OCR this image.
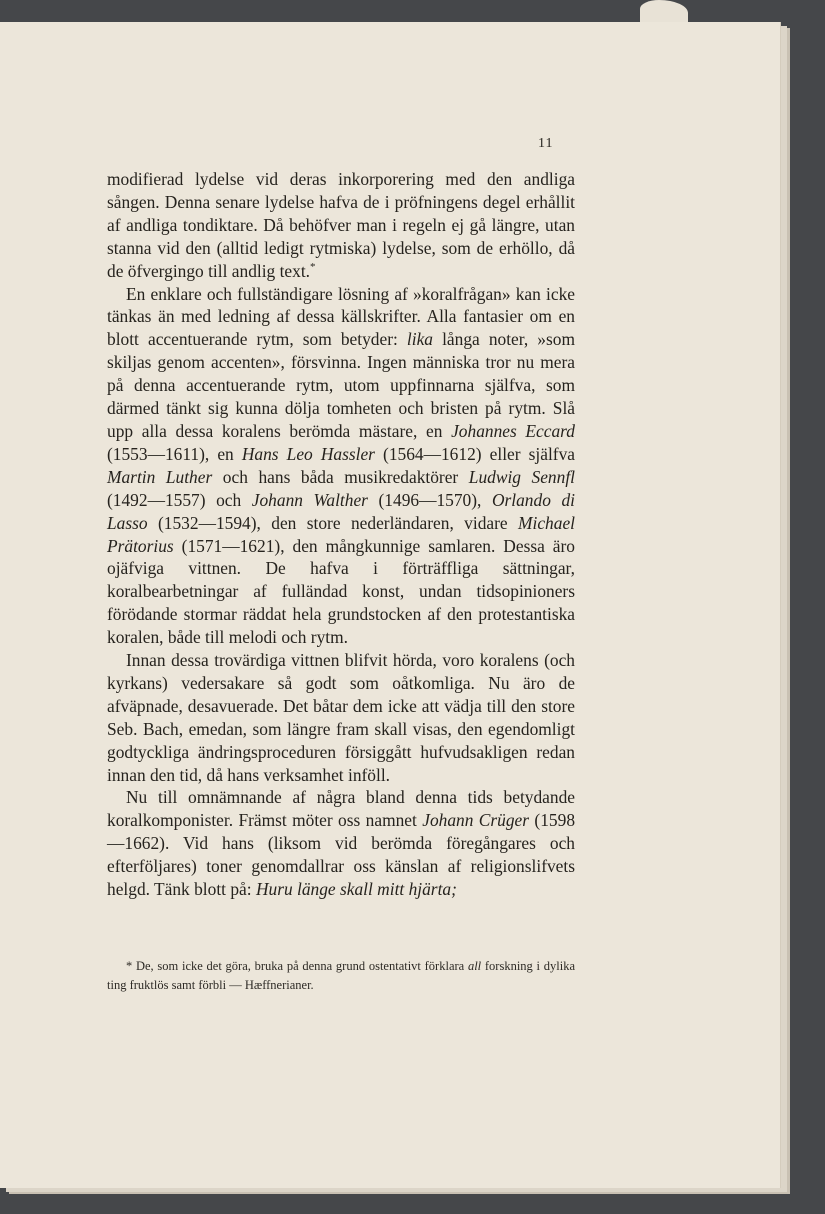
11

modifierad lydelse vid deras inkorporering med den andliga sången. Denna senare lydelse hafva de i pröfningens degel erhållit af andliga tondiktare. Då behöfver man i regeln ej gå längre, utan stanna vid den (alltid ledigt rytmiska) lydelse, som de erhöllo, då de öfvergingo till andlig text.*

En enklare och fullständigare lösning af »koralfrågan» kan icke tänkas än med ledning af dessa källskrifter. Alla fantasier om en blott accentuerande rytm, som betyder: lika långa noter, »som skiljas genom accenten», försvinna. Ingen människa tror nu mera på denna accentuerande rytm, utom uppfinnarna själfva, som därmed tänkt sig kunna dölja tomheten och bristen på rytm. Slå upp alla dessa koralens berömda mästare, en Johannes Eccard (1553—1611), en Hans Leo Hassler (1564—1612) eller själfva Martin Luther och hans båda musikredaktörer Ludwig Sennfl (1492—1557) och Johann Walther (1496—1570), Orlando di Lasso (1532—1594), den store nederländaren, vidare Michael Prätorius (1571—1621), den mångkunnige samlaren. Dessa äro ojäfviga vittnen. De hafva i förträffliga sättningar, koralbearbetningar af fulländad konst, undan tidsopinioners förödande stormar räddat hela grundstocken af den protestantiska koralen, både till melodi och rytm.

Innan dessa trovärdiga vittnen blifvit hörda, voro koralens (och kyrkans) vedersakare så godt som oåtkomliga. Nu äro de afväpnade, desavuerade. Det båtar dem icke att vädja till den store Seb. Bach, emedan, som längre fram skall visas, den egendomligt godtyckliga ändringsproceduren försiggått hufvudsakligen redan innan den tid, då hans verksamhet inföll.

Nu till omnämnande af några bland denna tids betydande koralkomponister. Främst möter oss namnet Johann Crüger (1598—1662). Vid hans (liksom vid berömda föregångares och efterföljares) toner genomdallrar oss känslan af religionslifvets helgd. Tänk blott på: Huru länge skall mitt hjärta;

* De, som icke det göra, bruka på denna grund ostentativt förklara all forskning i dylika ting fruktlös samt förbli — Hæffnerianer.
